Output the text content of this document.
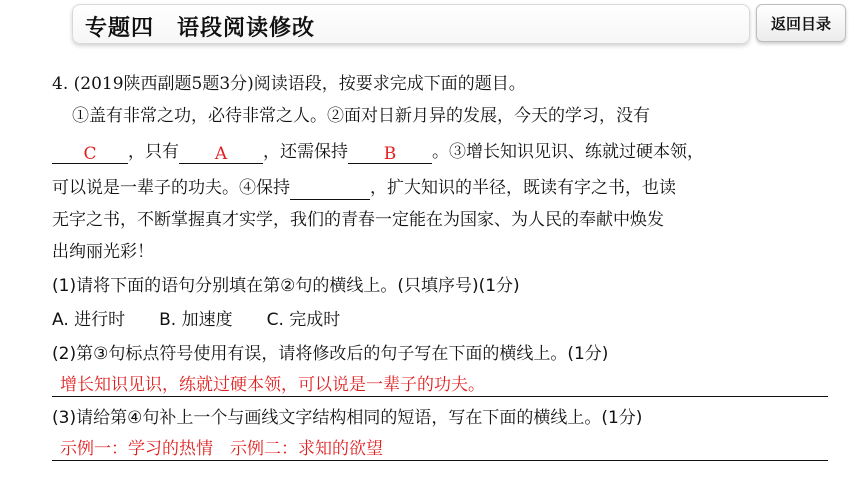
专题四　语段阅读修改	返回目录
4. (2019陕西副题5题3分)阅读语段，按要求完成下面的题目。
①盖有非常之功，必待非常之人。②面对日新月异的发展，今天的学习，没有
C ，只有 A ，还需保持 B 。③增长知识见识、练就过硬本领，
可以说是一辈子的功夫。④保持	，扩大知识的半径，既读有字之书，也读
无字之书，不断掌握真才实学，我们的青春一定能在为国家、为人民的奉献中焕发
出绚丽光彩！
(1)请将下面的语句分别填在第②句的横线上。(只填序号)(1分)
A. 进行时　　B. 加速度　　C. 完成时
(2)第③句标点符号使用有误，请将修改后的句子写在下面的横线上。(1分)
增长知识见识，练就过硬本领，可以说是一辈子的功夫。
(3)请给第④句补上一个与画线文字结构相同的短语，写在下面的横线上。(1分)
示例一：学习的热情　示例二：求知的欲望
